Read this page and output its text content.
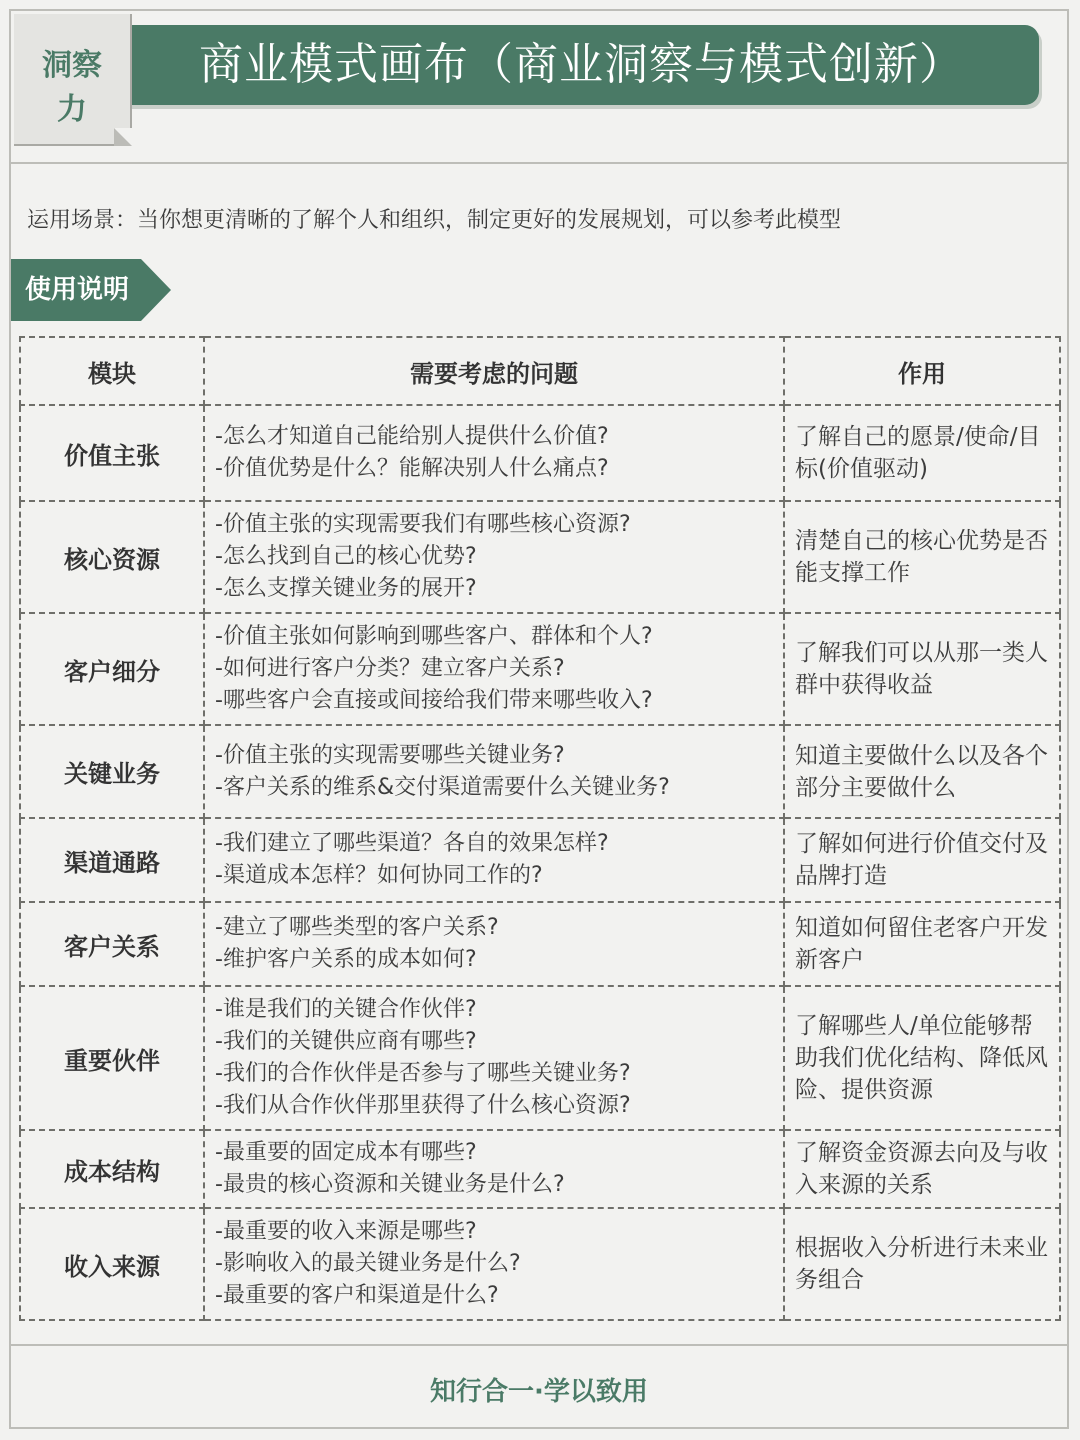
商业模式画布（商业洞察与模式创新）
洞察
力
运用场景：当你想更清晰的了解个人和组织，制定更好的发展规划，可以参考此模型
使用说明
模块	需要考虑的问题	作用
价值主张	-怎么才知道自己能给别人提供什么价值?
-价值优势是什么？能解决别人什么痛点?	了解自己的愿景/使命/目标(价值驱动)
核心资源	-价值主张的实现需要我们有哪些核心资源?
-怎么找到自己的核心优势?
-怎么支撑关键业务的展开?	清楚自己的核心优势是否能支撑工作
客户细分	-价值主张如何影响到哪些客户、群体和个人?
-如何进行客户分类？建立客户关系?
-哪些客户会直接或间接给我们带来哪些收入?	了解我们可以从那一类人群中获得收益
关键业务	-价值主张的实现需要哪些关键业务?
-客户关系的维系&交付渠道需要什么关键业务?	知道主要做什么以及各个部分主要做什么
渠道通路	-我们建立了哪些渠道？各自的效果怎样?
-渠道成本怎样？如何协同工作的?	了解如何进行价值交付及品牌打造
客户关系	-建立了哪些类型的客户关系?
-维护客户关系的成本如何?	知道如何留住老客户开发新客户
重要伙伴	-谁是我们的关键合作伙伴?
-我们的关键供应商有哪些?
-我们的合作伙伴是否参与了哪些关键业务?
-我们从合作伙伴那里获得了什么核心资源?	了解哪些人/单位能够帮助我们优化结构、降低风险、提供资源
成本结构	-最重要的固定成本有哪些?
-最贵的核心资源和关键业务是什么?	了解资金资源去向及与收入来源的关系
收入来源	-最重要的收入来源是哪些?
-影响收入的最关键业务是什么?
-最重要的客户和渠道是什么?	根据收入分析进行未来业务组合
知行合一·学以致用
